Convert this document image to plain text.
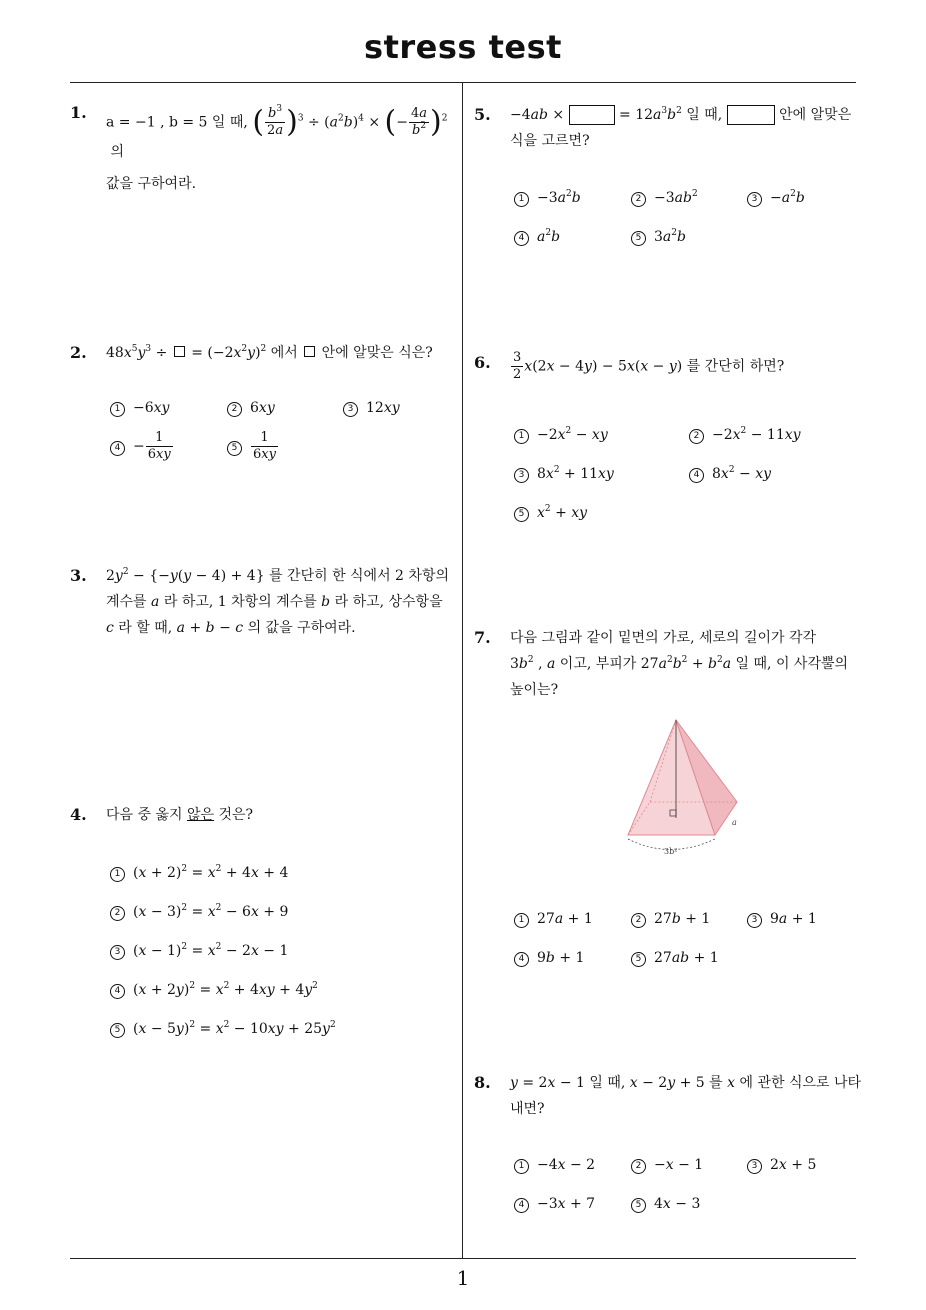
stress test
1
1.
a = −1 , b = 5 일 때, ( $\frac{b^3}{2a} )^3 \div (a^2b)^4$ × (− $\frac{4a}{b^2} )^2$  의
값을 구하여라.
2. $48x^5y^3$ ÷  = $(-2x^2y)^2$ 에서  안에 알맞은 식은?
1 −6xy	2 6xy	3 12xy
$4 - \frac{1}{6xy}$	$5 \frac{1}{6xy}$
3. $2y^2 - \{-y(y - 4) + 4\}$ 를 간단히 한 식에서 2 차항의
계수를 a 라 하고, 1 차항의 계수를 b 라 하고, 상수항을
c 라 할 때, a + b − c 의 값을 구하여라.
4. 다음 중 옳지 않은 것은?
1 $(x + 2)^2 = x^2 + 4x + 4$
2 $(x - 3)^2 = x^2 - 6x + 9$
3 $(x - 1)^2 = x^2 - 2x - 1$
4 $(x + 2y)^2 = x^2 + 4xy + 4y^2$
5 $(x - 5y)^2 = x^2 - 10xy + 25y^2$
5. −4ab ×	= $12a^3b^2$ 일 때,	안에 알맞은
식을 고르면?
$1 -3a^2b$	$2 -3ab^2$	$3 -a^2b$
4 $a^2b$	5 $3a^2b$
6. $\frac{3}{2} x(2x - 4y) - 5x(x - y)$ 를 간단히 하면?
$1 -2x^2$ − xy	$2 -2x^2 - 11xy$
3 $8x^2 + 11xy$	4 $8x^2$ − xy
5 $x^2$ + xy
7. 다음 그림과 같이 밑면의 가로, 세로의 길이가 각각
$3b^2$ , a 이고, 부피가 $27a^2b^2 + b^2a$ 일 때, 이 사각뿔의
높이는?
3b²
a
1 27a + 1	2 27b + 1	3 9a + 1
4 9b + 1	5 27ab + 1
8. y = 2x − 1 일 때, x − 2y + 5 를 x 에 관한 식으로 나타
내면?
1 −4x − 2	2 −x − 1	3 2x + 5
4 −3x + 7	5 4x − 3
